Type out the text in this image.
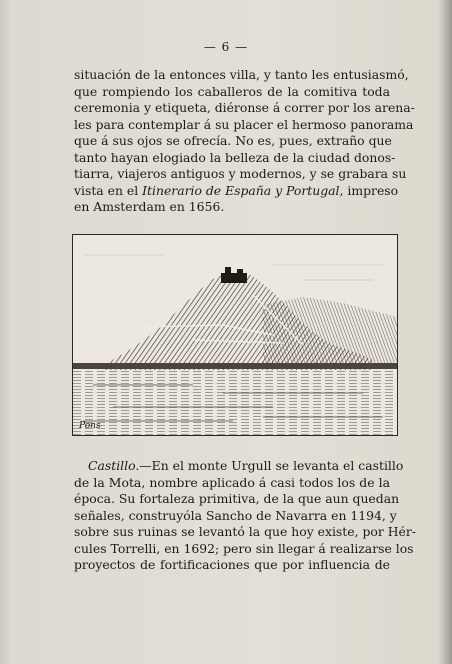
— 6 —
situación de la entonces villa, y tanto les entusiasmó,
que rompiendo los caballeros de la comitiva toda
ceremonia y etiqueta, diéronse á correr por los arena-
les para contemplar á su placer el hermoso panorama
que á sus ojos se ofrecía. No es, pues, extraño que
tanto hayan elogiado la belleza de la ciudad donos-
tiarra, viajeros antiguos y modernos, y se grabara su
vista en el Itinerario de España y Portugal, impreso
en Amsterdam en 1656.
Pons
Castillo.—En el monte Urgull se levanta el castillo
de la Mota, nombre aplicado á casi todos los de la
época. Su fortaleza primitiva, de la que aun quedan
señales, construyóla Sancho de Navarra en 1194, y
sobre sus ruinas se levantó la que hoy existe, por Hér-
cules Torrelli, en 1692; pero sin llegar á realizarse los
proyectos de fortificaciones que por influencia de
